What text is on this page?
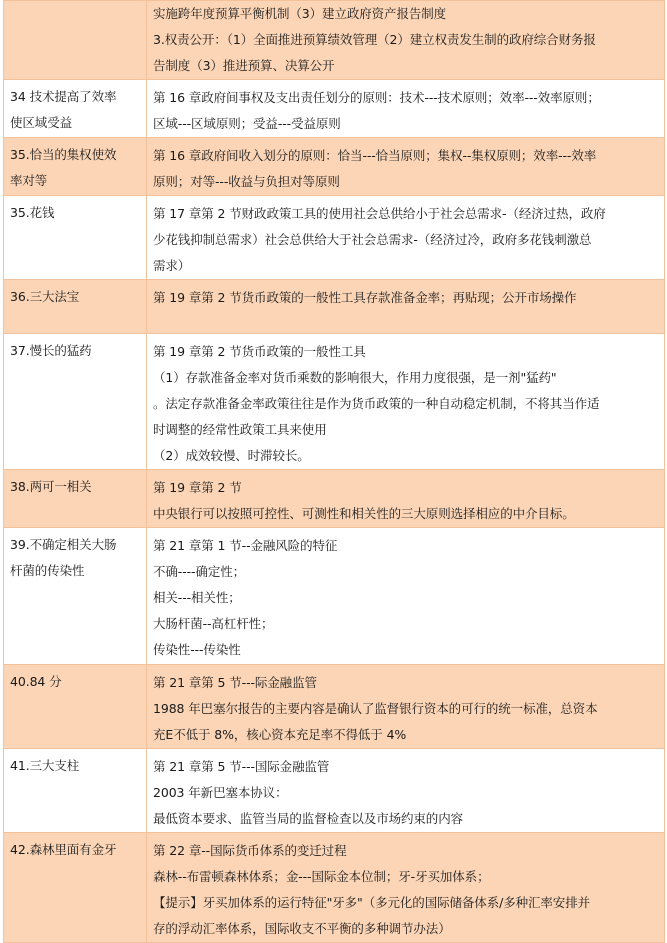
	实施跨年度预算平衡机制（3）建立政府资产报告制度
3.权责公开：（1）全面推进预算绩效管理（2）建立权责发生制的政府综合财务报
告制度（3）推进预算、决算公开

34 技术提高了效率
使区域受益	第 16 章政府间事权及支出责任划分的原则：技术---技术原则；效率---效率原则；
区域---区域原则；受益---受益原则

35.恰当的集权使效
率对等	第 16 章政府间收入划分的原则：恰当---恰当原则；集权--集权原则；效率---效率
原则；对等---收益与负担对等原则

35.花钱	第 17 章第 2 节财政政策工具的使用社会总供给小于社会总需求-（经济过热，政府
少花钱抑制总需求）社会总供给大于社会总需求-（经济过冷，政府多花钱刺激总
需求）

36.三大法宝	第 19 章第 2 节货币政策的一般性工具存款准备金率；再贴现；公开市场操作

37.慢长的猛药	第 19 章第 2 节货币政策的一般性工具
（1）存款准备金率对货币乘数的影响很大，作用力度很强，是一剂"猛药"
。法定存款准备金率政策往往是作为货币政策的一种自动稳定机制，不将其当作适
时调整的经常性政策工具来使用
（2）成效较慢、时滞较长。

38.两可一相关	第 19 章第 2 节
中央银行可以按照可控性、可测性和相关性的三大原则选择相应的中介目标。

39.不确定相关大肠
杆菌的传染性	第 21 章第 1 节--金融风险的特征
不确----确定性；
相关---相关性；
大肠杆菌--高杠杆性；
传染性---传染性

40.84 分	第 21 章第 5 节---际金融监管
1988 年巴塞尔报告的主要内容是确认了监督银行资本的可行的统一标准，总资本
充E不低于 8%，核心资本充足率不得低于 4%

41.三大支柱	第 21 章第 5 节---国际金融监管
2003 年新巴塞本协议：
最低资本要求、监管当局的监督检查以及市场约束的内容

42.森林里面有金牙	第 22 章--国际货币体系的变迁过程
森林--布雷顿森林体系；金---国际金本位制；牙-牙买加体系；
【提示】牙买加体系的运行特征"牙多"（多元化的国际储备体系/多种汇率安排并
存的浮动汇率体系，国际收支不平衡的多种调节办法）
